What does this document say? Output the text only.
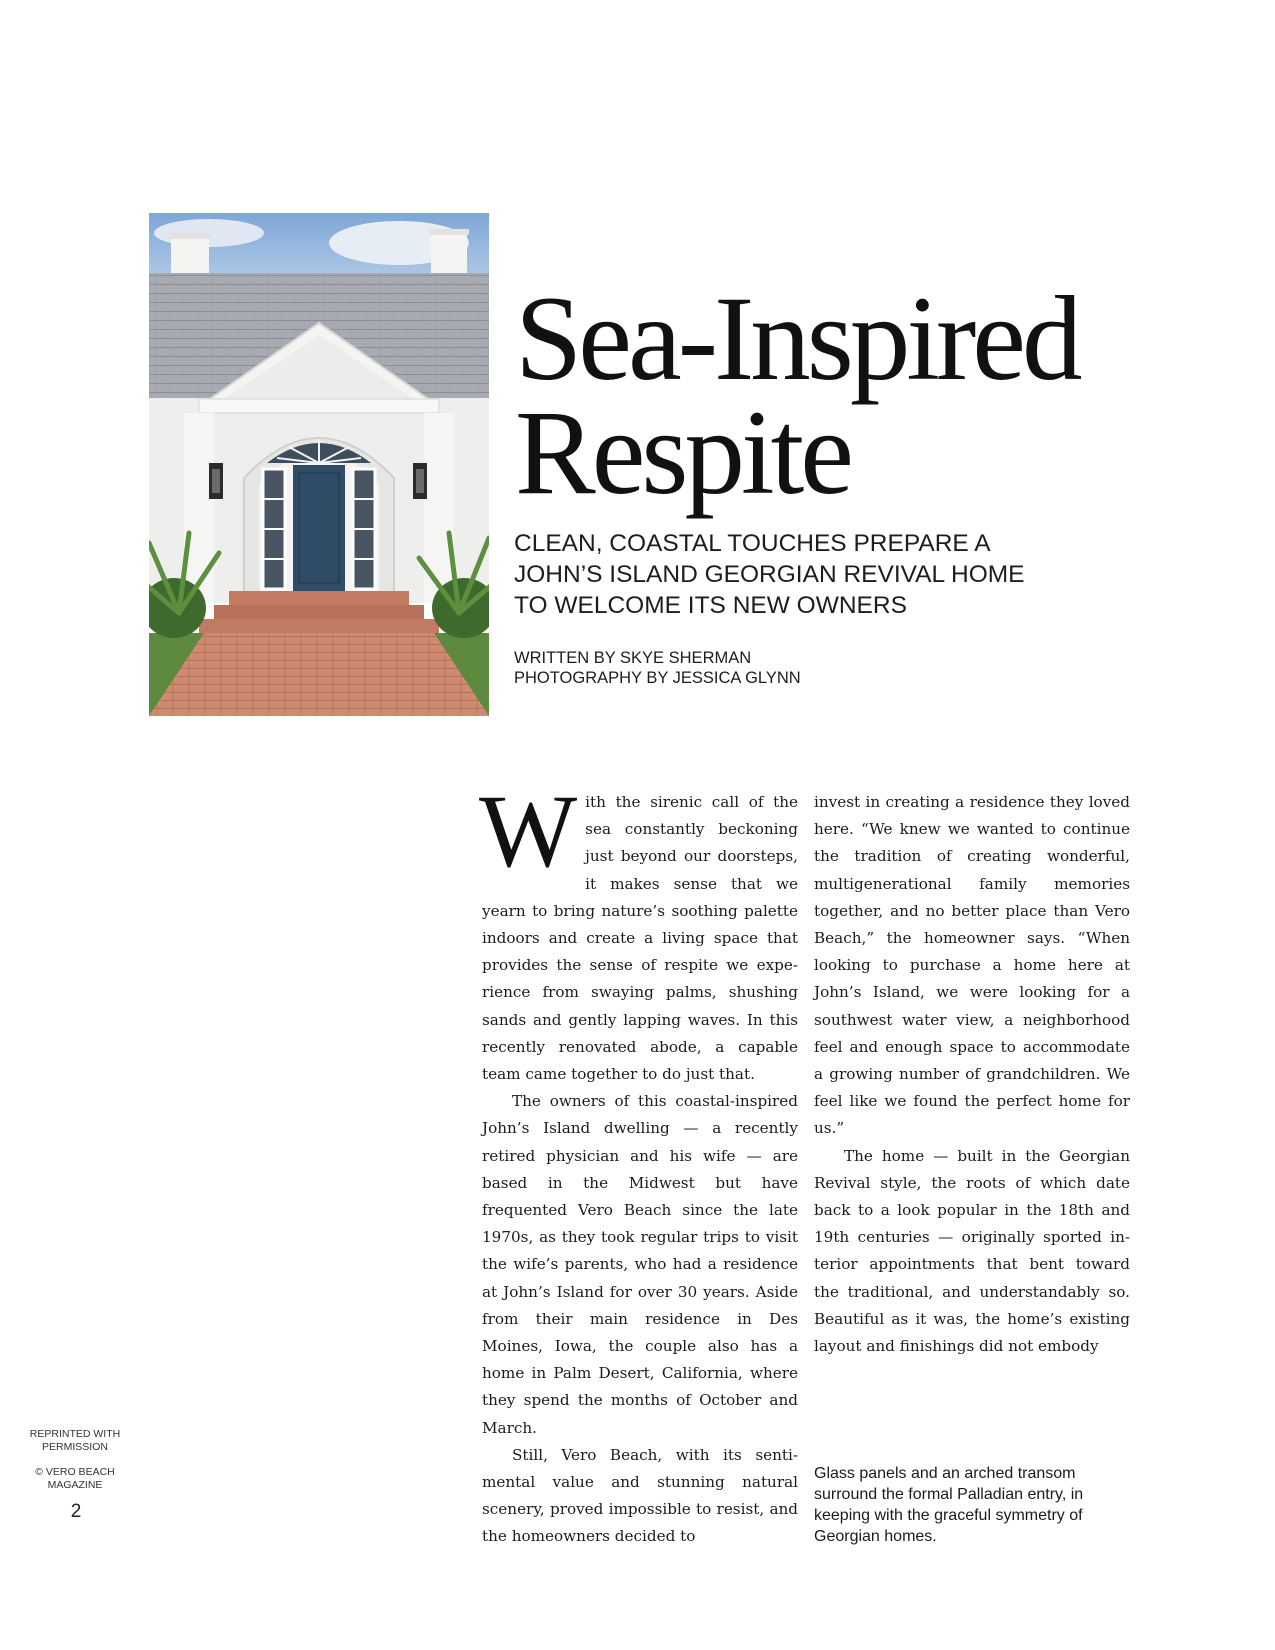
Sea-Inspired
Respite

CLEAN, COASTAL TOUCHES PREPARE A
JOHN’S ISLAND GEORGIAN REVIVAL HOME
TO WELCOME ITS NEW OWNERS

WRITTEN BY SKYE SHERMAN
PHOTOGRAPHY BY JESSICA GLYNN

With the sirenic call of the sea constantly beckoning just beyond our doorsteps, it makes sense that we yearn to bring nature’s soothing palette indoors and create a living space that provides the sense of respite we experience from swaying palms, shushing sands and gently lapping waves. In this recently renovated abode, a capable team came together to do just that.

The owners of this coastal-inspired John’s Island dwelling — a recently retired physician and his wife — are based in the Midwest but have frequented Vero Beach since the late 1970s, as they took regular trips to visit the wife’s parents, who had a residence at John’s Island for over 30 years. Aside from their main residence in Des Moines, Iowa, the couple also has a home in Palm Desert, California, where they spend the months of October and March.

Still, Vero Beach, with its sentimental value and stunning natural scenery, proved impossible to resist, and the homeowners decided to

invest in creating a residence they loved here. “We knew we wanted to continue the tradition of creating wonderful, multigenerational family memories together, and no better place than Vero Beach,” the homeowner says. “When looking to purchase a home here at John’s Island, we were looking for a southwest water view, a neighborhood feel and enough space to accommodate a growing number of grandchildren. We feel like we found the perfect home for us.”

The home — built in the Georgian Revival style, the roots of which date back to a look popular in the 18th and 19th centuries — originally sported interior appointments that bent toward the traditional, and understandably so. Beautiful as it was, the home’s existing layout and finishings did not embody

Glass panels and an arched transom surround the formal Palladian entry, in keeping with the graceful symmetry of Georgian homes.
REPRINTED WITH PERMISSION
© VERO BEACH MAGAZINE
2
